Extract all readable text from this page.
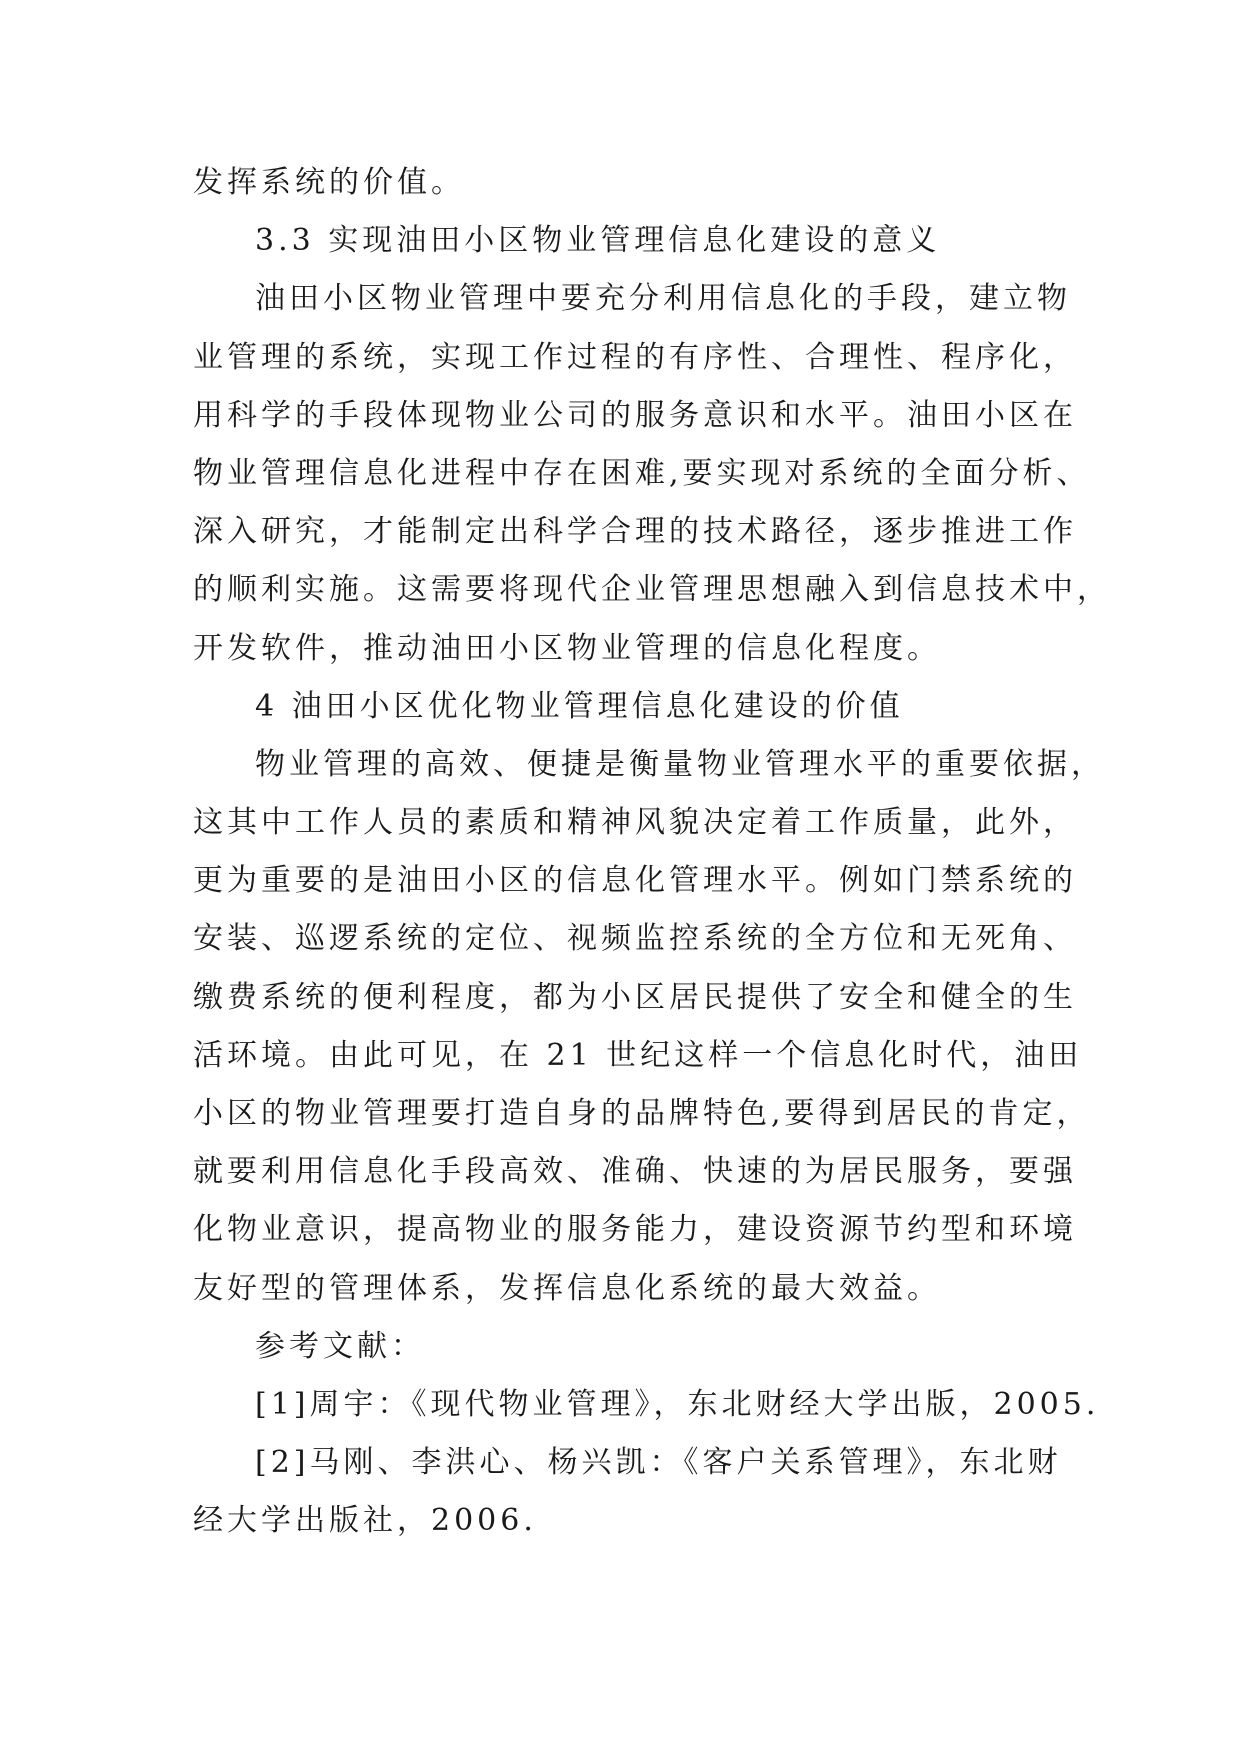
发挥系统的价值。
3.3 实现油田小区物业管理信息化建设的意义
油田小区物业管理中要充分利用信息化的手段，建立物
业管理的系统，实现工作过程的有序性、合理性、程序化，
用科学的手段体现物业公司的服务意识和水平。油田小区在
物业管理信息化进程中存在困难,要实现对系统的全面分析、
深入研究，才能制定出科学合理的技术路径，逐步推进工作
的顺利实施。这需要将现代企业管理思想融入到信息技术中，
开发软件，推动油田小区物业管理的信息化程度。
4 油田小区优化物业管理信息化建设的价值
物业管理的高效、便捷是衡量物业管理水平的重要依据，
这其中工作人员的素质和精神风貌决定着工作质量，此外，
更为重要的是油田小区的信息化管理水平。例如门禁系统的
安装、巡逻系统的定位、视频监控系统的全方位和无死角、
缴费系统的便利程度，都为小区居民提供了安全和健全的生
活环境。由此可见，在 21 世纪这样一个信息化时代，油田
小区的物业管理要打造自身的品牌特色,要得到居民的肯定，
就要利用信息化手段高效、准确、快速的为居民服务，要强
化物业意识，提高物业的服务能力，建设资源节约型和环境
友好型的管理体系，发挥信息化系统的最大效益。
参考文献：
[1]周宇：《现代物业管理》，东北财经大学出版，2005.
[2]马刚、李洪心、杨兴凯：《客户关系管理》，东北财
经大学出版社，2006.
